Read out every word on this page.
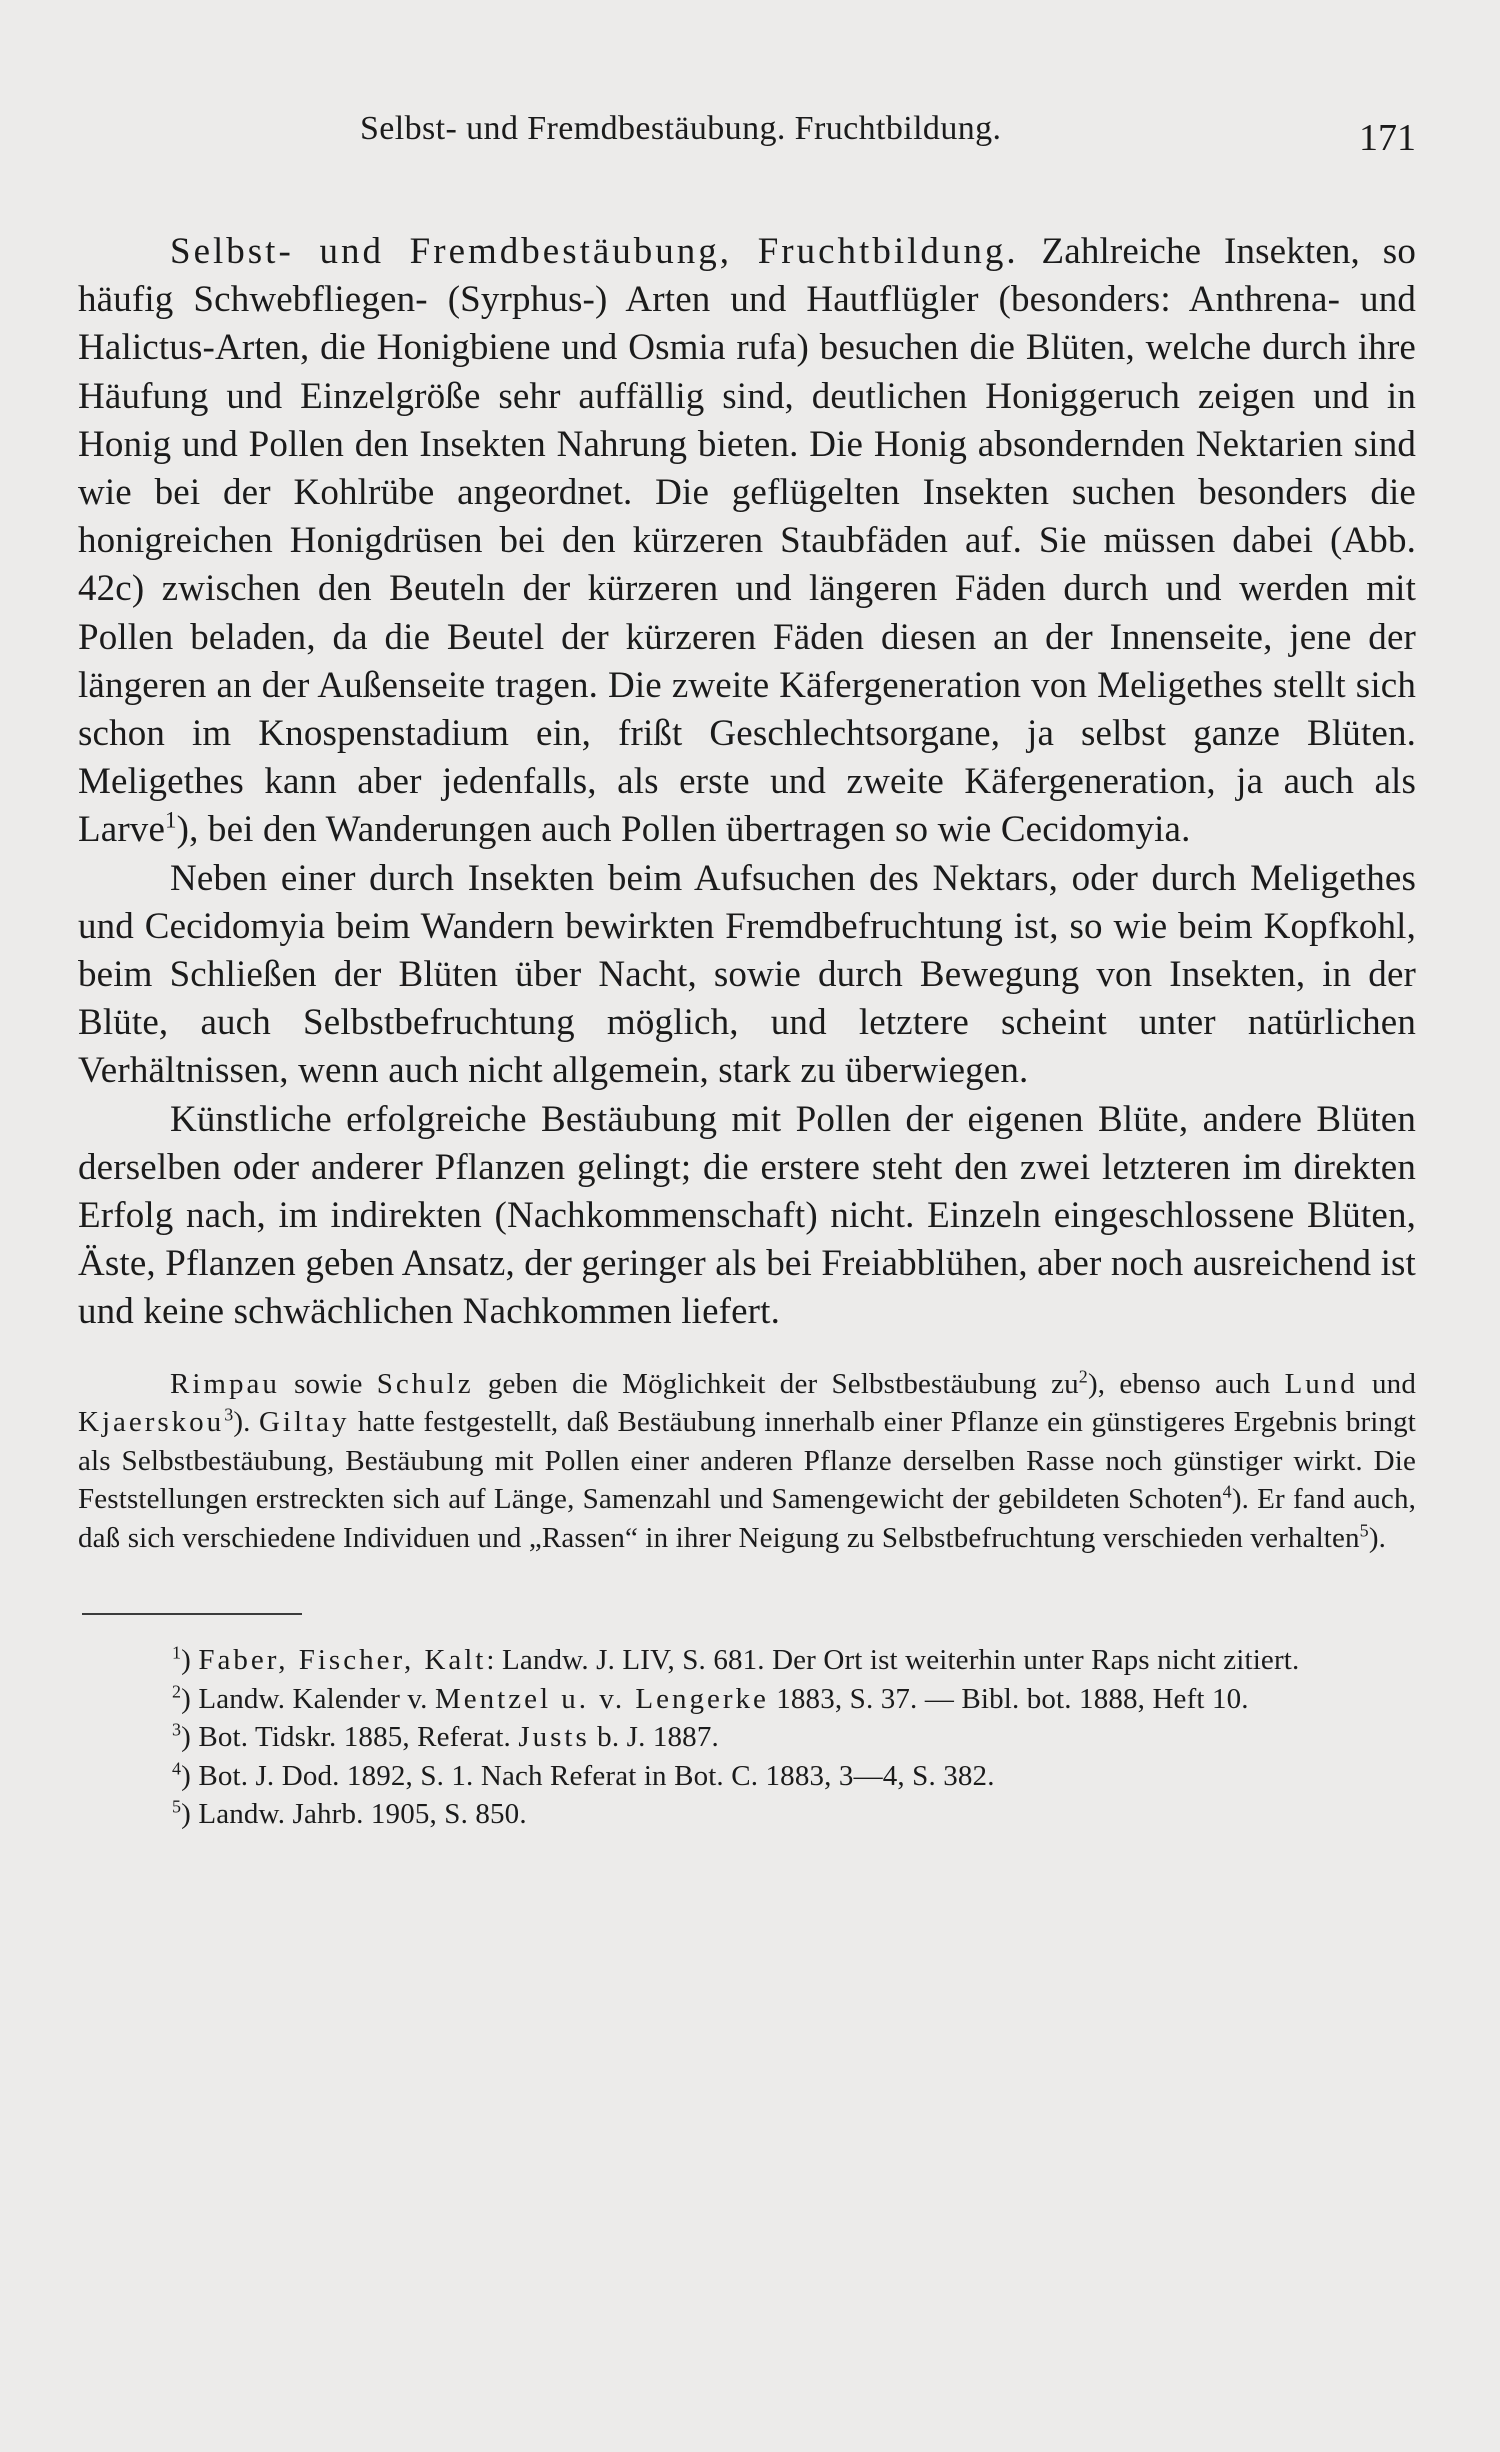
Selbst- und Fremdbestäubung. Fruchtbildung.	171

Selbst- und Fremdbestäubung, Fruchtbildung. Zahlreiche Insekten, so häufig Schwebfliegen- (Syrphus-) Arten und Hautflügler (besonders: Anthrena- und Halictus-Arten, die Honigbiene und Osmia rufa) besuchen die Blüten, welche durch ihre Häufung und Einzelgröße sehr auffällig sind, deutlichen Honiggeruch zeigen und in Honig und Pollen den Insekten Nahrung bieten. Die Honig absondernden Nektarien sind wie bei der Kohlrübe angeordnet. Die geflügelten Insekten suchen besonders die honigreichen Honigdrüsen bei den kürzeren Staubfäden auf. Sie müssen dabei (Abb. 42c) zwischen den Beuteln der kürzeren und längeren Fäden durch und werden mit Pollen beladen, da die Beutel der kürzeren Fäden diesen an der Innenseite, jene der längeren an der Außenseite tragen. Die zweite Käfergeneration von Meligethes stellt sich schon im Knospenstadium ein, frißt Geschlechtsorgane, ja selbst ganze Blüten. Meligethes kann aber jedenfalls, als erste und zweite Käfergeneration, ja auch als Larve$^1$), bei den Wanderungen auch Pollen übertragen so wie Cecidomyia.

Neben einer durch Insekten beim Aufsuchen des Nektars, oder durch Meligethes und Cecidomyia beim Wandern bewirkten Fremdbefruchtung ist, so wie beim Kopfkohl, beim Schließen der Blüten über Nacht, sowie durch Bewegung von Insekten, in der Blüte, auch Selbstbefruchtung möglich, und letztere scheint unter natürlichen Verhältnissen, wenn auch nicht allgemein, stark zu überwiegen.

Künstliche erfolgreiche Bestäubung mit Pollen der eigenen Blüte, andere Blüten derselben oder anderer Pflanzen gelingt; die erstere steht den zwei letzteren im direkten Erfolg nach, im indirekten (Nachkommenschaft) nicht. Einzeln eingeschlossene Blüten, Äste, Pflanzen geben Ansatz, der geringer als bei Freiabblühen, aber noch ausreichend ist und keine schwächlichen Nachkommen liefert.

Rimpau sowie Schulz geben die Möglichkeit der Selbstbestäubung $zu^2$), ebenso auch Lund und Kjaerskou$^3$). Giltay hatte festgestellt, daß Bestäubung innerhalb einer Pflanze ein günstigeres Ergebnis bringt als Selbstbestäubung, Bestäubung mit Pollen einer anderen Pflanze derselben Rasse noch günstiger wirkt. Die Feststellungen erstreckten sich auf Länge, Samenzahl und Samengewicht der gebildeten Schoten$^4$). Er fand auch, daß sich verschiedene Individuen und „Rassen“ in ihrer Neigung zu Selbstbefruchtung verschieden verhalten$^5$).

$^1$) Faber, Fischer, Kalt: Landw. J. LIV, S. 681. Der Ort ist weiterhin unter Raps nicht zitiert.

$^2$) Landw. Kalender v. Mentzel u. v. Lengerke 1883, S. 37. — Bibl. bot. 1888, Heft 10.

$^3$) Bot. Tidskr. 1885, Referat. Justs b. J. 1887.

$^4$) Bot. J. Dod. 1892, S. 1. Nach Referat in Bot. C. 1883, 3—4, S. 382.

$^5$) Landw. Jahrb. 1905, S. 850.
